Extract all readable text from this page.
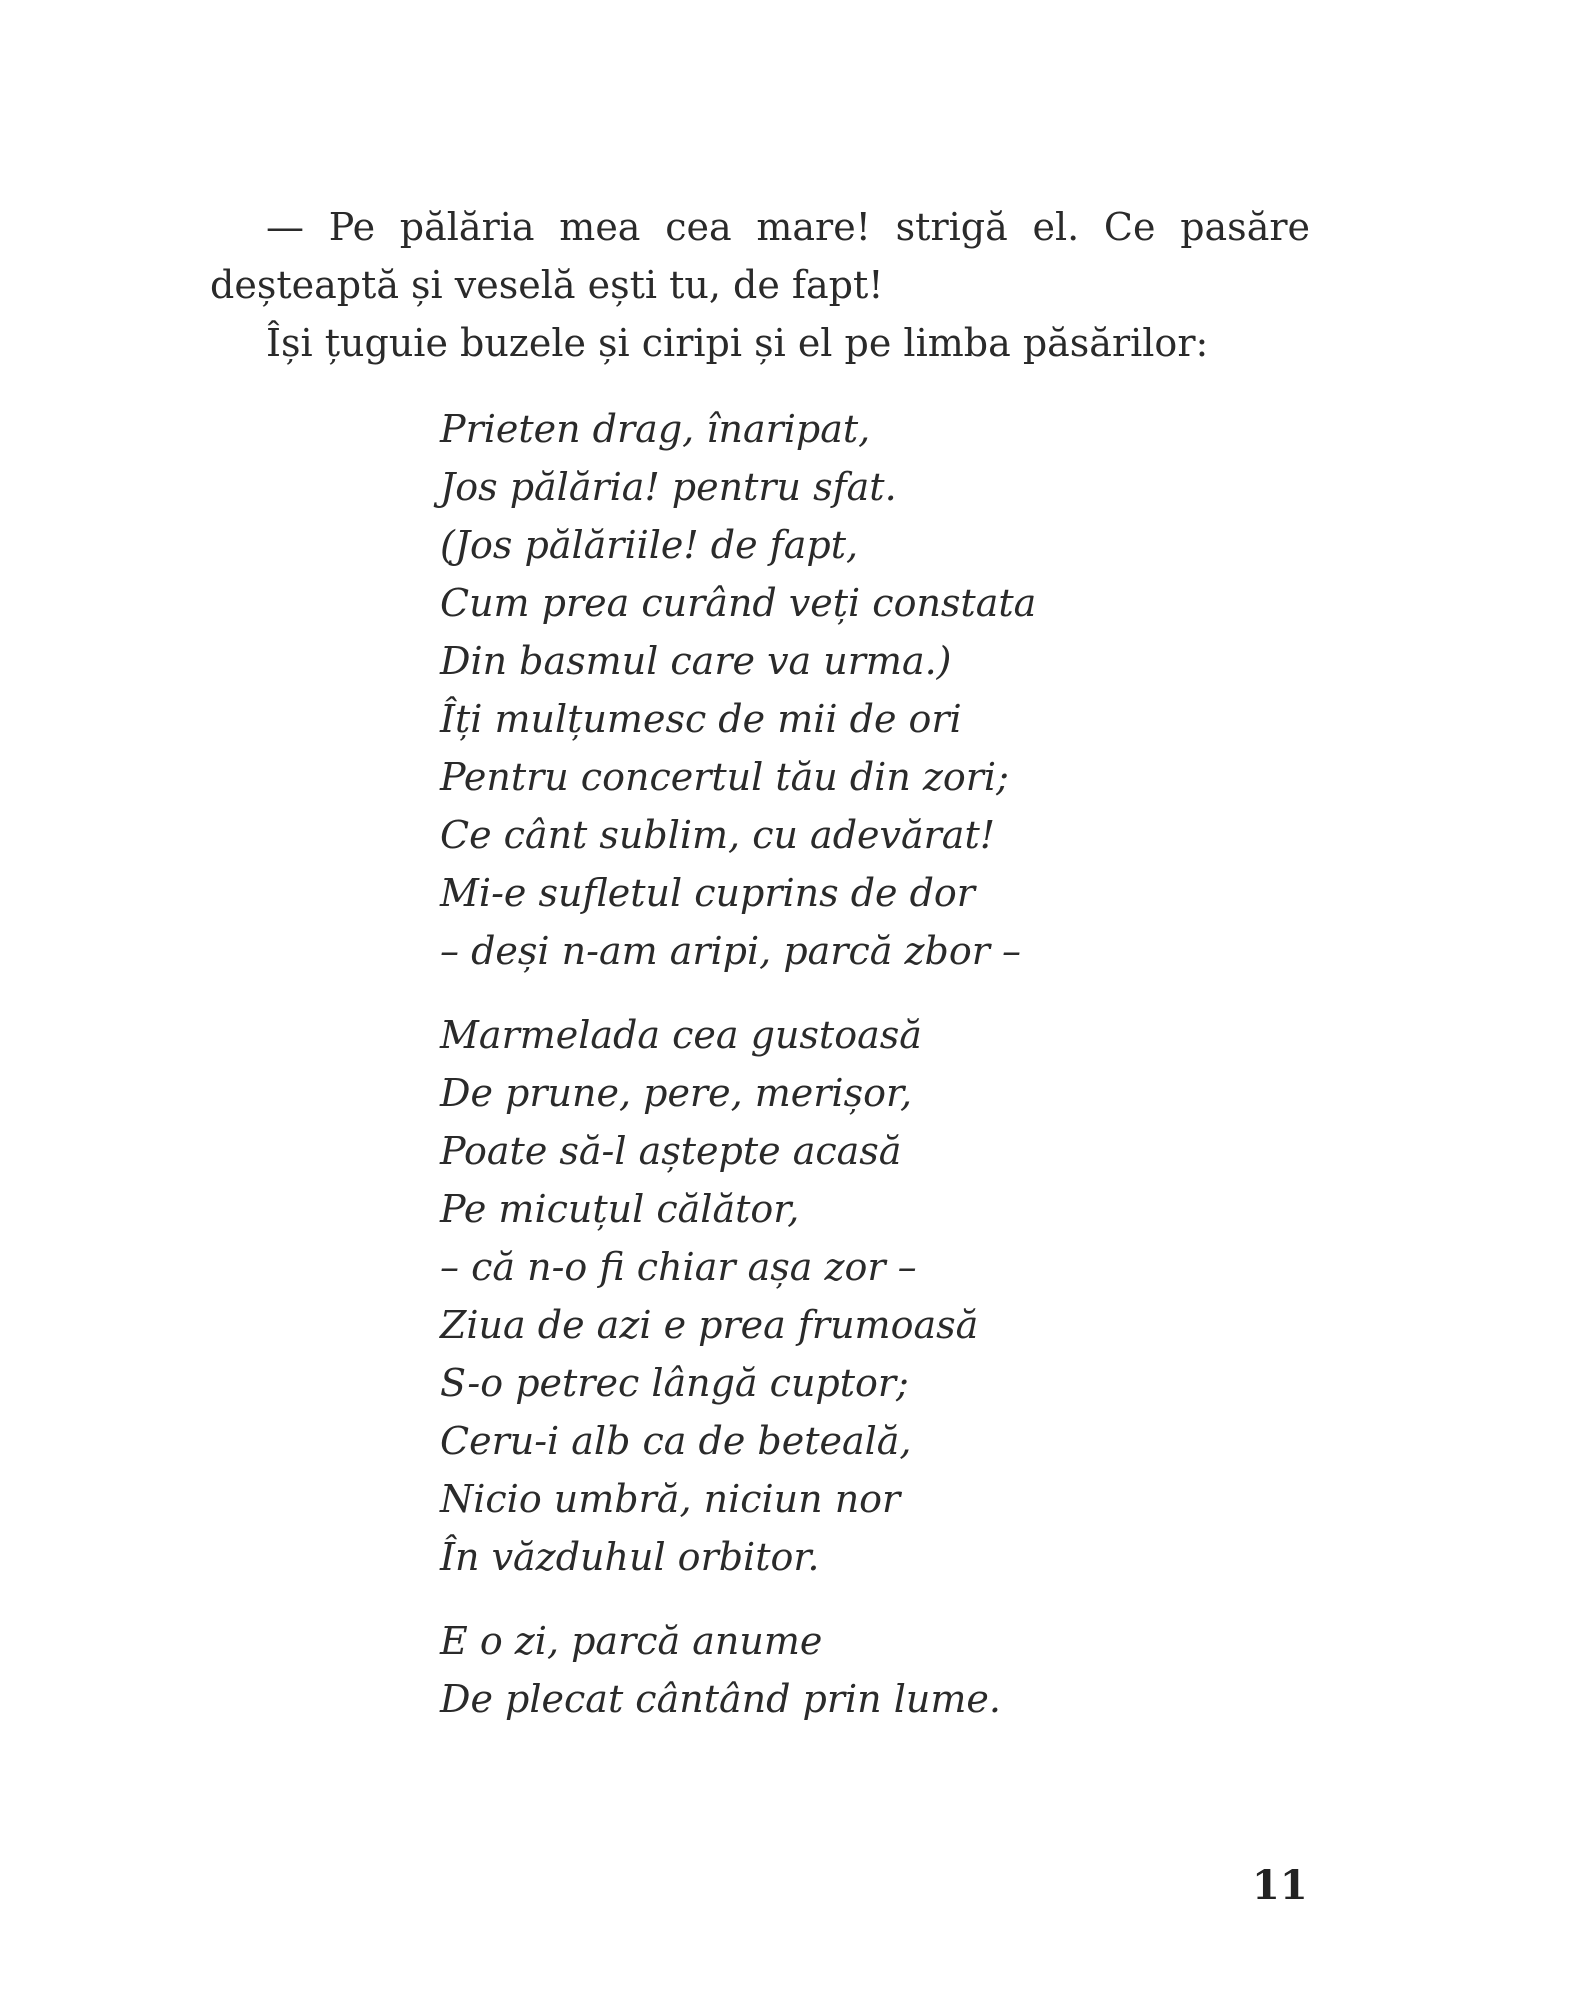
— Pe pălăria mea cea mare! strigă el. Ce pasăre

deșteaptă și veselă ești tu, de fapt!

Își țuguie buzele și ciripi și el pe limba păsărilor:

Prieten drag, înaripat,
Jos pălăria! pentru sfat.
(Jos pălăriile! de fapt,
Cum prea curând veți constata
Din basmul care va urma.)
Îți mulțumesc de mii de ori
Pentru concertul tău din zori;
Ce cânt sublim, cu adevărat!
Mi-e sufletul cuprins de dor
– deși n-am aripi, parcă zbor –
Marmelada cea gustoasă
De prune, pere, merișor,
Poate să-l aștepte acasă
Pe micuțul călător,
– că n-o fi chiar așa zor –
Ziua de azi e prea frumoasă
S-o petrec lângă cuptor;
Ceru-i alb ca de beteală,
Nicio umbră, niciun nor
În văzduhul orbitor.
E o zi, parcă anume
De plecat cântând prin lume.
11
